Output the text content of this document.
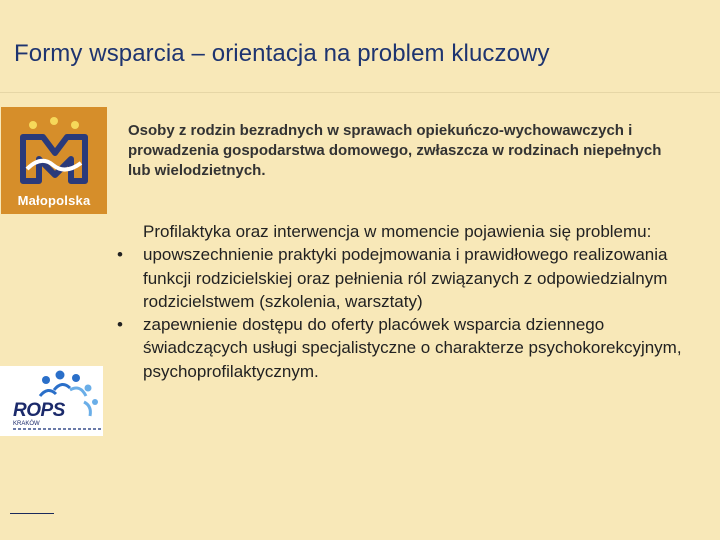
Formy wsparcia – orientacja na problem kluczowy
Małopolska
Osoby z rodzin bezradnych w sprawach opiekuńczo-wychowawczych i prowadzenia gospodarstwa domowego, zwłaszcza w rodzinach niepełnych lub wielodzietnych.

Profilaktyka oraz interwencja w momencie pojawienia się problemu:

• upowszechnienie praktyki podejmowania i prawidłowego realizowania funkcji rodzicielskiej oraz pełnienia ról związanych z odpowiedzialnym rodzicielstwem (szkolenia, warsztaty)

• zapewnienie dostępu do oferty placówek wsparcia dziennego świadczących usługi specjalistyczne o charakterze psychokorekcyjnym, psychoprofilaktycznym.

ROPS
KRAKÓW
